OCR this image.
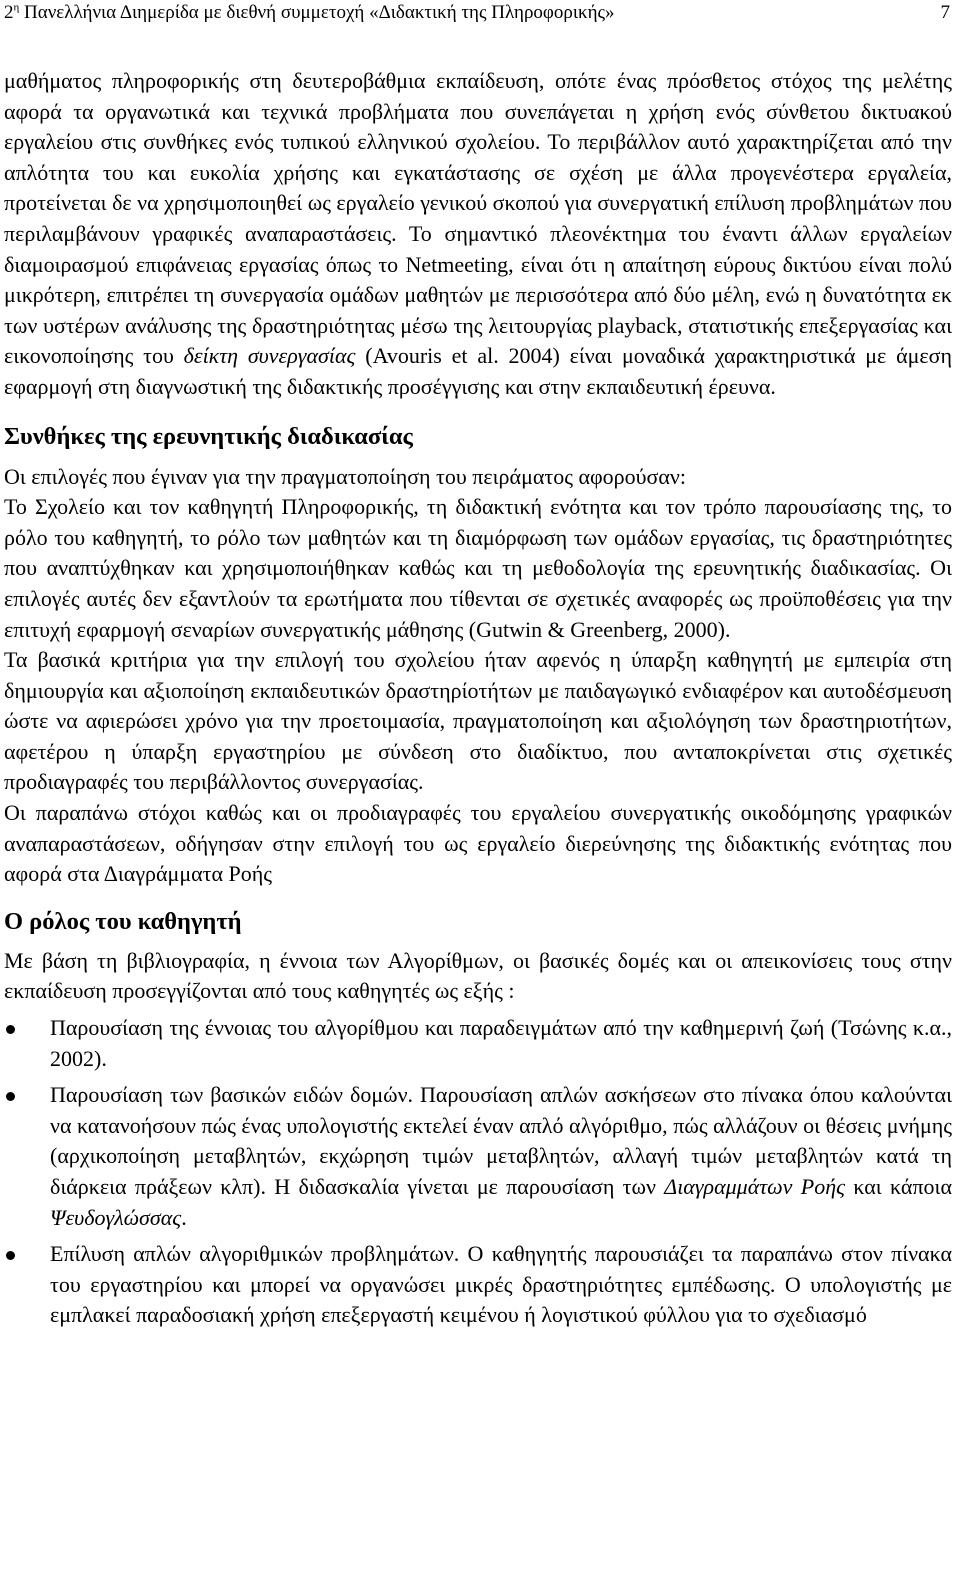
$2^\eta$ Πανελλήνια Διημερίδα με διεθνή συμμετοχή «Διδακτική της Πληροφορικής»	7

μαθήματος πληροφορικής στη δευτεροβάθμια εκπαίδευση, οπότε ένας πρόσθετος στόχος της μελέτης αφορά τα οργανωτικά και τεχνικά προβλήματα που συνεπάγεται η χρήση ενός σύνθετου δικτυακού εργαλείου στις συνθήκες ενός τυπικού ελληνικού σχολείου. Το περιβάλλον αυτό χαρακτηρίζεται από την απλότητα του και ευκολία χρήσης και εγκατάστασης σε σχέση με άλλα προγενέστερα εργαλεία, προτείνεται δε να χρησιμοποιηθεί ως εργαλείο γενικού σκοπού για συνεργατική επίλυση προβλημάτων που περιλαμβάνουν γραφικές αναπαραστάσεις. Το σημαντικό πλεονέκτημα του έναντι άλλων εργαλείων διαμοιρασμού επιφάνειας εργασίας όπως το Netmeeting, είναι ότι η απαίτηση εύρους δικτύου είναι πολύ μικρότερη, επιτρέπει τη συνεργασία ομάδων μαθητών με περισσότερα από δύο μέλη, ενώ η δυνατότητα εκ των υστέρων ανάλυσης της δραστηριότητας μέσω της λειτουργίας playback, στατιστικής επεξεργασίας και εικονοποίησης του δείκτη συνεργασίας (Avouris et al. 2004) είναι μοναδικά χαρακτηριστικά με άμεση εφαρμογή στη διαγνωστική της διδακτικής προσέγγισης και στην εκπαιδευτική έρευνα.

Συνθήκες της ερευνητικής διαδικασίας

Οι επιλογές που έγιναν για την πραγματοποίηση του πειράματος αφορούσαν:

Το Σχολείο και τον καθηγητή Πληροφορικής, τη διδακτική ενότητα και τον τρόπο παρουσίασης της, το ρόλο του καθηγητή, το ρόλο των μαθητών και τη διαμόρφωση των ομάδων εργασίας, τις δραστηριότητες που αναπτύχθηκαν και χρησιμοποιήθηκαν καθώς και τη μεθοδολογία της ερευνητικής διαδικασίας. Οι επιλογές αυτές δεν εξαντλούν τα ερωτήματα που τίθενται σε σχετικές αναφορές ως προϋποθέσεις για την επιτυχή εφαρμογή σεναρίων συνεργατικής μάθησης (Gutwin & Greenberg, 2000).

Τα βασικά κριτήρια για την επιλογή του σχολείου ήταν αφενός η ύπαρξη καθηγητή με εμπειρία στη δημιουργία και αξιοποίηση εκπαιδευτικών δραστηρίοτήτων με παιδαγωγικό ενδιαφέρον και αυτοδέσμευση ώστε να αφιερώσει χρόνο για την προετοιμασία, πραγματοποίηση και αξιολόγηση των δραστηριοτήτων, αφετέρου η ύπαρξη εργαστηρίου με σύνδεση στο διαδίκτυο, που ανταποκρίνεται στις σχετικές προδιαγραφές του περιβάλλοντος συνεργασίας.

Οι παραπάνω στόχοι καθώς και οι προδιαγραφές του εργαλείου συνεργατικής οικοδόμησης γραφικών αναπαραστάσεων, οδήγησαν στην επιλογή του ως εργαλείο διερεύνησης της διδακτικής ενότητας που αφορά στα Διαγράμματα Ροής

Ο ρόλος του καθηγητή

Με βάση τη βιβλιογραφία, η έννοια των Αλγορίθμων, οι βασικές δομές και οι απεικονίσεις τους στην εκπαίδευση προσεγγίζονται από τους καθηγητές ως εξής :

Παρουσίαση της έννοιας του αλγορίθμου και παραδειγμάτων από την καθημερινή ζωή (Τσώνης κ.α., 2002).
Παρουσίαση των βασικών ειδών δομών. Παρουσίαση απλών ασκήσεων στο πίνακα όπου καλούνται να κατανοήσουν πώς ένας υπολογιστής εκτελεί έναν απλό αλγόριθμο, πώς αλλάζουν οι θέσεις μνήμης (αρχικοποίηση μεταβλητών, εκχώρηση τιμών μεταβλητών, αλλαγή τιμών μεταβλητών κατά τη διάρκεια πράξεων κλπ). Η διδασκαλία γίνεται με παρουσίαση των Διαγραμμάτων Ροής και κάποια Ψευδογλώσσας.
Επίλυση απλών αλγοριθμικών προβλημάτων. Ο καθηγητής παρουσιάζει τα παραπάνω στον πίνακα του εργαστηρίου και μπορεί να οργανώσει μικρές δραστηριότητες εμπέδωσης. Ο υπολογιστής με εμπλακεί παραδοσιακή χρήση επεξεργαστή κειμένου ή λογιστικού φύλλου για το σχεδιασμό
